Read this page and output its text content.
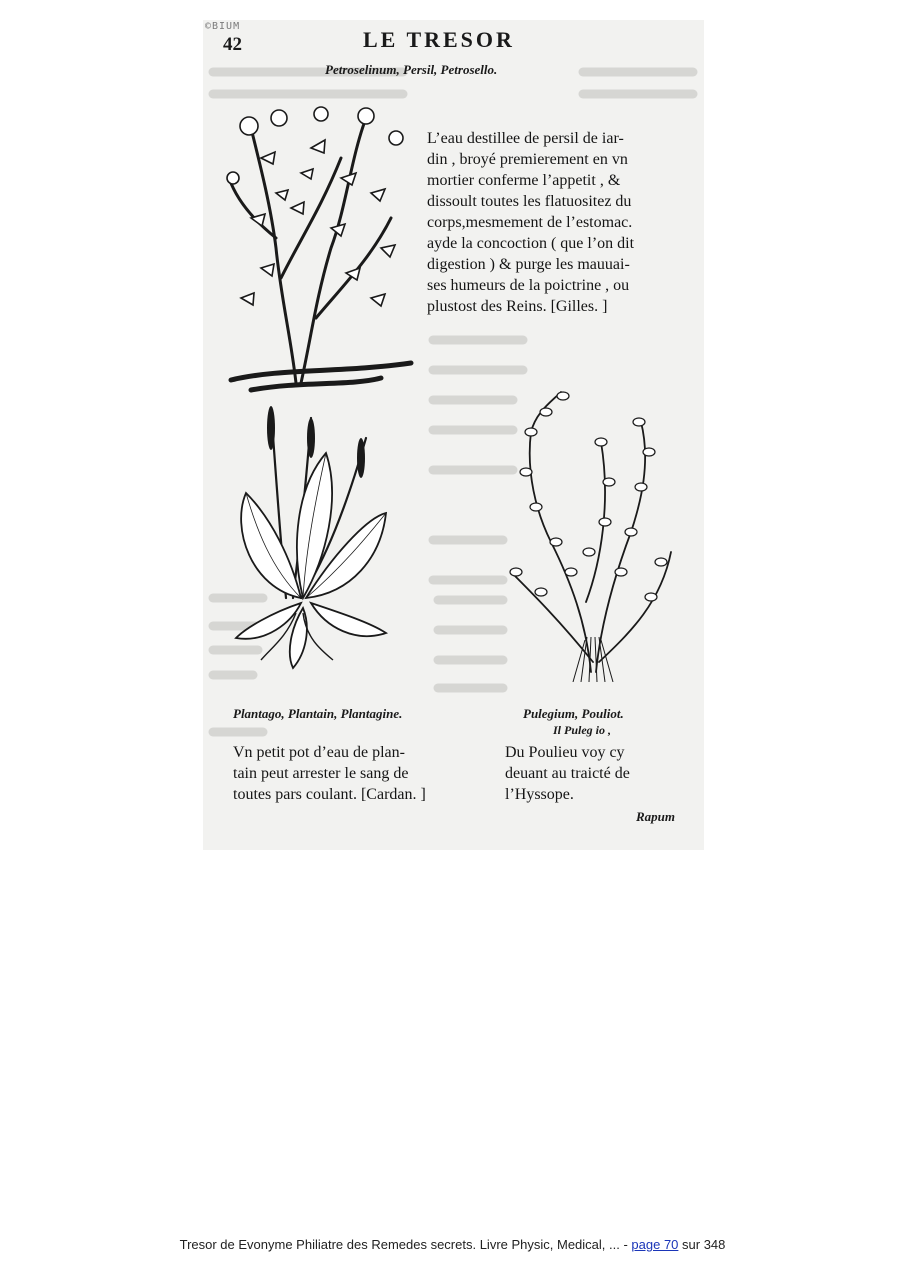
©BIUM
42	LE TRESOR
Petroselinum, Persil, Petrosello.
L’eau destillee de persil de iar-
din , broyé premierement en vn
mortier conferme l’appetit , &
dissoult toutes les flatuositez du
corps,mesmement de l’estomac.
ayde la concoction ( que l’on dit
digestion ) & purge les mauuai-
ses humeurs de la poictrine , ou
plustost des Reins. [Gilles. ]
Plantago, Plantain, Plantagine.
Vn petit pot d’eau de plan-
tain peut arrester le sang de
toutes pars coulant. [Cardan. ]
Pulegium, Pouliot.
Il Puleg io ,
Du Poulieu voy cy
deuant au traicté de
l’Hyssope.
Rapum
Tresor de Evonyme Philiatre des Remedes secrets. Livre Physic, Medical, ... - page 70 sur 348
